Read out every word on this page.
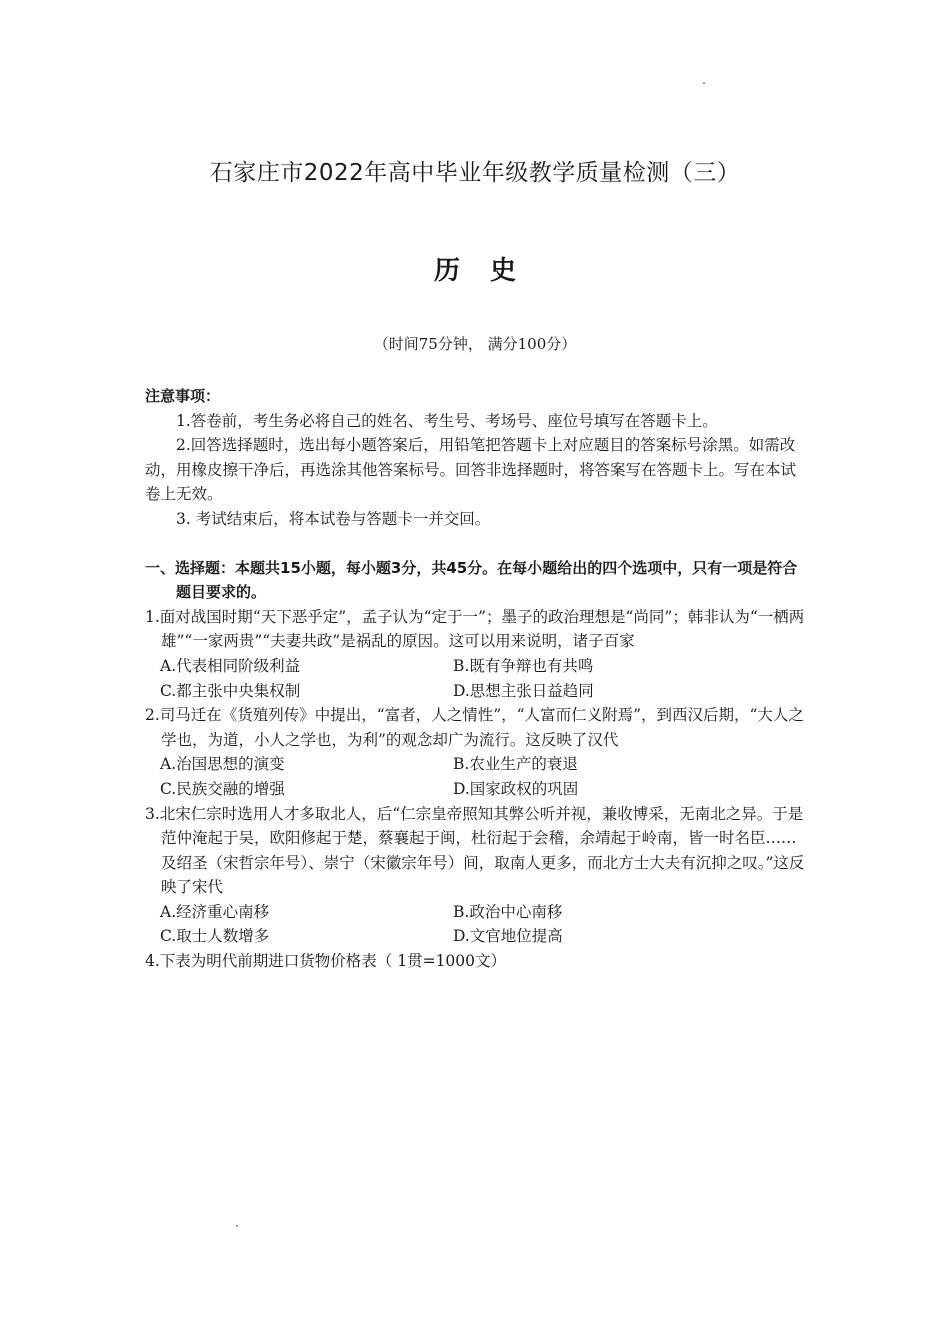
石家庄市2022年高中毕业年级教学质量检测（三）
历史
（时间75分钟， 满分100分）
注意事项：
1.答卷前，考生务必将自己的姓名、考生号、考场号、座位号填写在答题卡上。
2.回答选择题时，选出每小题答案后，用铅笔把答题卡上对应题目的答案标号涂黑。如需改动，用橡皮擦干净后，再选涂其他答案标号。回答非选择题时，将答案写在答题卡上。写在本试卷上无效。
3. 考试结束后，将本试卷与答题卡一并交回。
一、选择题：本题共15小题，每小题3分，共45分。在每小题给出的四个选项中，只有一项是符合题目要求的。
1.面对战国时期“天下恶乎定”，孟子认为“定于一”；墨子的政治理想是“尚同”；韩非认为“一栖两雄”“一家两贵”“夫妻共政”是祸乱的原因。这可以用来说明，诸子百家
A.代表相同阶级利益	B.既有争辩也有共鸣
C.都主张中央集权制	D.思想主张日益趋同
2.司马迁在《货殖列传》中提出，“富者，人之情性”，“人富而仁义附焉”，到西汉后期，“大人之学也，为道，小人之学也，为利”的观念却广为流行。这反映了汉代
A.治国思想的演变	B.农业生产的衰退
C.民族交融的增强	D.国家政权的巩固
3.北宋仁宗时选用人才多取北人，后“仁宗皇帝照知其弊公听并视，兼收博采，无南北之异。于是范仲淹起于吴，欧阳修起于楚，蔡襄起于闽，杜衍起于会稽，余靖起于岭南，皆一时名臣……及绍圣（宋哲宗年号）、崇宁（宋徽宗年号）间，取南人更多，而北方士大夫有沉抑之叹。”这反映了宋代
A.经济重心南移	B.政治中心南移
C.取士人数增多	D.文官地位提高
4.下表为明代前期进口货物价格表（ 1贯=1000文）
